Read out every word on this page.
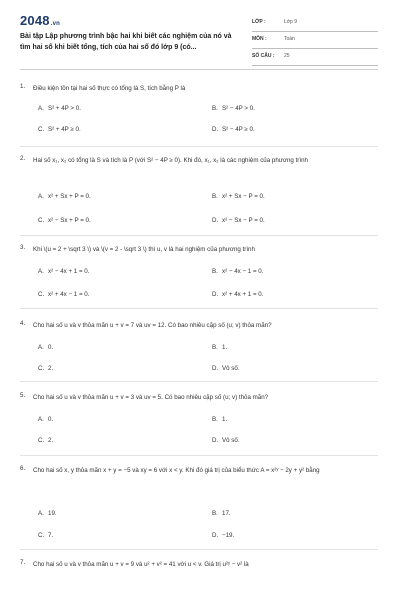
2048.vn
Bài tập Lập phương trình bậc hai khi biết các nghiệm của nó và tìm hai số khi biết tổng, tích của hai số đó lớp 9 (có...
LỚP :	Lớp 9
MÔN :	Toán
SỐ CÂU : 25
1. Điều kiện tồn tại hai số thực có tổng là S, tích bằng P là
A. S² + 4P > 0.	B. S² − 4P > 0.
C. S² + 4P ≥ 0.	D. S² − 4P ≥ 0.
2. Hai số x₁, x₂ có tổng là S và tích là P (với S² − 4P ≥ 0). Khi đó, x₁, x₂ là các nghiệm của phương trình
A. x² + Sx + P = 0.	B. x² + Sx − P = 0.
C. x² − Sx + P = 0.	D. x² − Sx − P = 0.
3. Khi \(u = 2 + \sqrt 3 \) và \(v = 2 - \sqrt 3 \) thì u, v là hai nghiệm của phương trình
A. x² − 4x + 1 = 0.	B. x² − 4x − 1 = 0.
C. x² + 4x − 1 = 0.	D. x² + 4x + 1 = 0.
4. Cho hai số u và v thỏa mãn u + v = 7 và uv = 12. Có bao nhiêu cặp số (u; v) thỏa mãn?
A. 0.	B. 1.
C. 2.	D. Vô số.
5. Cho hai số u và v thỏa mãn u + v = 3 và uv = 5. Có bao nhiêu cặp số (u; v) thỏa mãn?
A. 0.	B. 1.
C. 2.	D. Vô số.
6. Cho hai số x, y thỏa mãn x + y = −5 và xy = 6 với x < y. Khi đó giá trị của biểu thức A = x²ʸ − 2y + y² bằng
A. 19.	B. 17.
C. 7.	D. −19.
7. Cho hai số u và v thỏa mãn u + v = 9 và u² + v² = 41 với u < v. Giá trị u²ʸ − v² là
